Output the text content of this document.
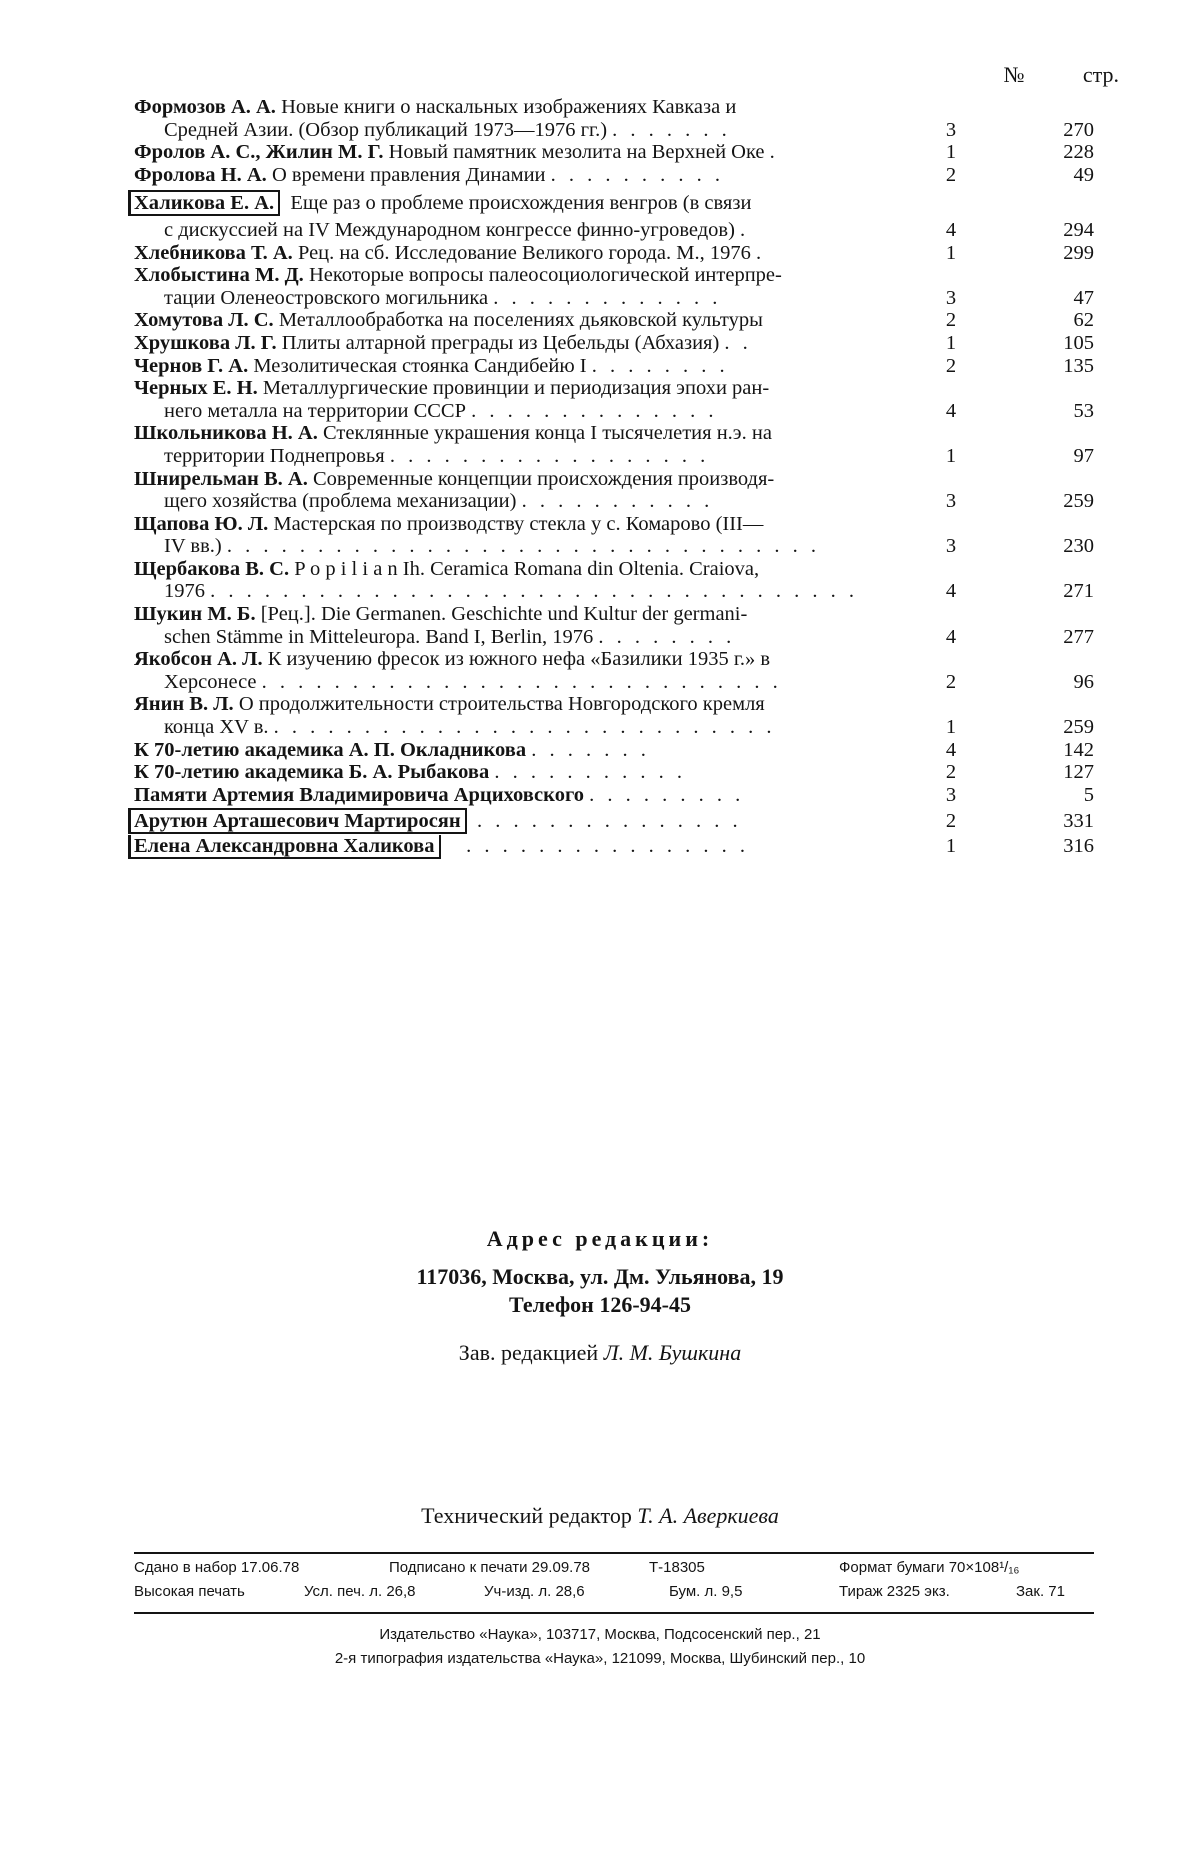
№	стр.
Формозов А. А. Новые книги о наскальных изображениях Кавказа и
Средней Азии. (Обзор публикаций 1973—1976 гг.) . . . . . . .	3	270
Фролов А. С., Жилин М. Г. Новый памятник мезолита на Верхней Оке .	1	228
Фролова Н. А. О времени правления Динамии . . . . . . . . . .	2	49
Халикова Е. А. Еще раз о проблеме происхождения венгров (в связи
с дискуссией на IV Международном конгрессе финно-угроведов) .	4	294
Хлебникова Т. А. Рец. на сб. Исследование Великого города. М., 1976 .	1	299
Хлобыстина М. Д. Некоторые вопросы палеосоциологической интерпре-
тации Оленеостровского могильника . . . . . . . . . . . . .	3	47
Хомутова Л. С. Металлообработка на поселениях дьяковской культуры	2	62
Хрушкова Л. Г. Плиты алтарной преграды из Цебельды (Абхазия) . .	1	105
Чернов Г. А. Мезолитическая стоянка Сандибейю I . . . . . . . .	2	135
Черных Е. Н. Металлургические провинции и периодизация эпохи ран-
него металла на территории СССР . . . . . . . . . . . . . .	4	53
Школьникова Н. А. Стеклянные украшения конца I тысячелетия н.э. на
территории Поднепровья . . . . . . . . . . . . . . . . . .	1	97
Шнирельман В. А. Современные концепции происхождения производя-
щего хозяйства (проблема механизации) . . . . . . . . . . .	3	259
Щапова Ю. Л. Мастерская по производству стекла у с. Комарово (III—
IV вв.) . . . . . . . . . . . . . . . . . . . . . . . . . . . . . . . . .	3	230
Щербакова В. С. P o p i l i a n Ih. Ceramica Romana din Oltenia. Craiova,
1976 . . . . . . . . . . . . . . . . . . . . . . . . . . . . . . . . . . . .	4	271
Шукин М. Б. [Рец.]. Die Germanen. Geschichte und Kultur der germani-
schen Stämme in Mitteleuropa. Band I, Berlin, 1976 . . . . . . . .	4	277
Якобсон А. Л. К изучению фресок из южного нефа «Базилики 1935 г.» в
Херсонесе . . . . . . . . . . . . . . . . . . . . . . . . . . . . .	2	96
Янин В. Л. О продолжительности строительства Новгородского кремля
конца XV в. . . . . . . . . . . . . . . . . . . . . . . . . . . . .	1	259
К 70-летию академика А. П. Окладникова . . . . . . .	4	142
К 70-летию академика Б. А. Рыбакова . . . . . . . . . . .	2	127
Памяти Артемия Владимировича Арциховского . . . . . . . . .	3	5
Арутюн Арташесович Мартиросян . . . . . . . . . . . . . . .	2	331
Елена Александровна Халикова . . . . . . . . . . . . . . . .	1	316
Адрес редакции:
117036, Москва, ул. Дм. Ульянова, 19
Телефон 126-94-45
Зав. редакцией Л. М. Бушкина
Технический редактор Т. А. Аверкиева
Сдано в набор 17.06.78	Подписано к печати 29.09.78	Т-18305	Формат бумаги 70×108¹/₁₆
Высокая печать	Усл. печ. л. 26,8	Уч-изд. л. 28,6	Бум. л. 9,5	Тираж 2325 экз.	Зак. 71
Издательство «Наука», 103717, Москва, Подсосенский пер., 21
2-я типография издательства «Наука», 121099, Москва, Шубинский пер., 10
